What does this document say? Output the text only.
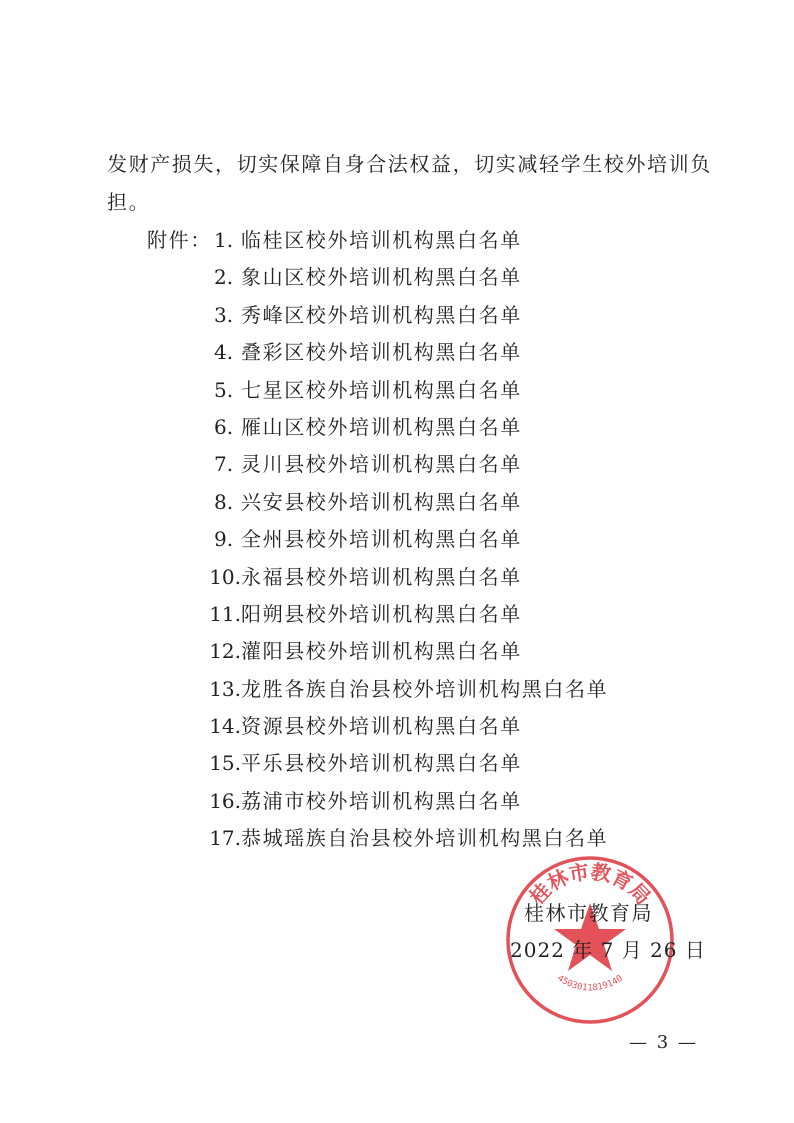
发财产损失，切实保障自身合法权益，切实减轻学生校外培训负
担。
附件： 1. 临桂区校外培训机构黑白名单
2. 象山区校外培训机构黑白名单
3. 秀峰区校外培训机构黑白名单
4. 叠彩区校外培训机构黑白名单
5. 七星区校外培训机构黑白名单
6. 雁山区校外培训机构黑白名单
7. 灵川县校外培训机构黑白名单
8. 兴安县校外培训机构黑白名单
9. 全州县校外培训机构黑白名单
10.永福县校外培训机构黑白名单
11.阳朔县校外培训机构黑白名单
12.灌阳县校外培训机构黑白名单
13.龙胜各族自治县校外培训机构黑白名单
14.资源县校外培训机构黑白名单
15.平乐县校外培训机构黑白名单
16.荔浦市校外培训机构黑白名单
17.恭城瑶族自治县校外培训机构黑白名单
桂林市教育局
4503011819140
桂林市教育局
2022 年 7 月 26 日
— 3 —
